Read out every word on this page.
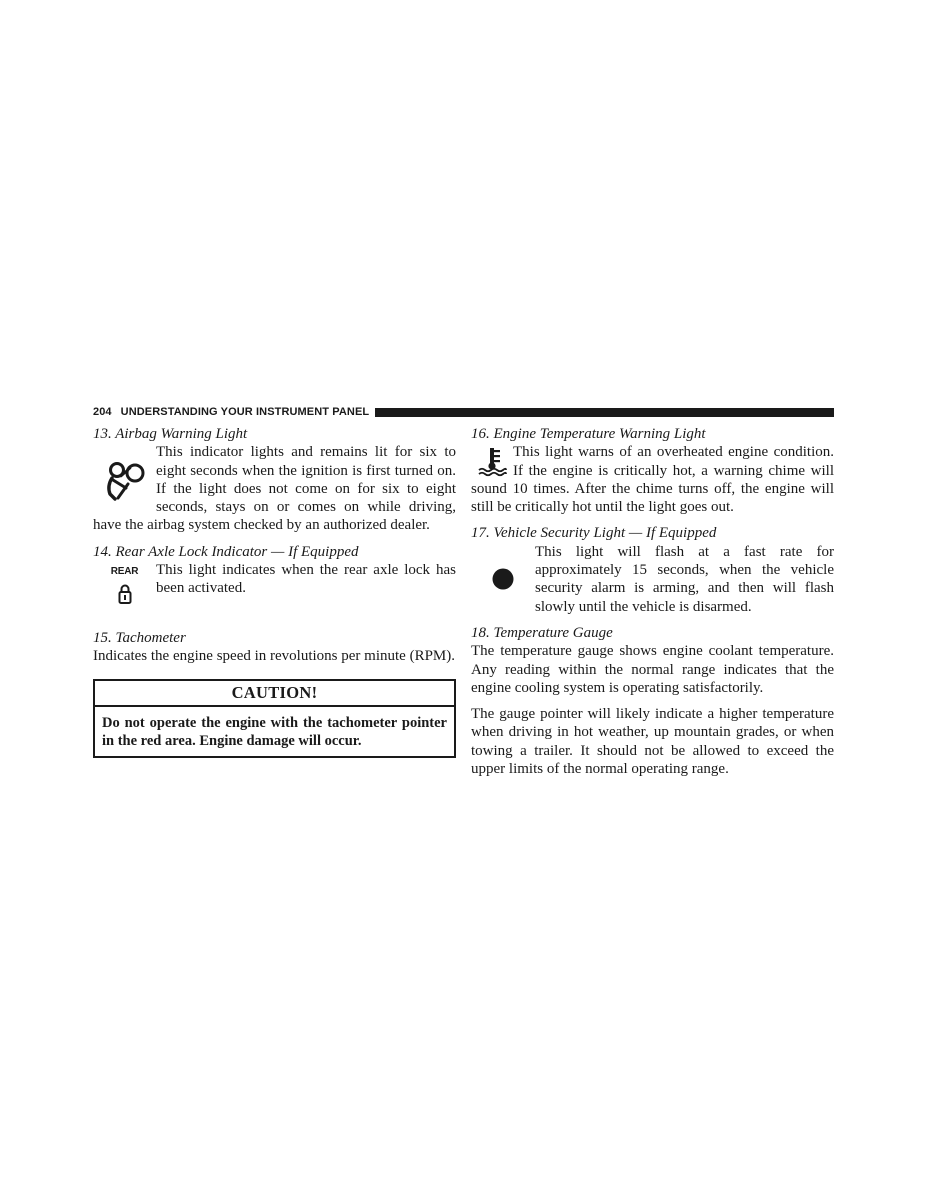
204 UNDERSTANDING YOUR INSTRUMENT PANEL

13. Airbag Warning Light

This indicator lights and remains lit for six to eight seconds when the ignition is first turned on. If the light does not come on for six to eight seconds, stays on or comes on while driving, have the airbag system checked by an authorized dealer.

14. Rear Axle Lock Indicator — If Equipped

REAR	This light indicates when the rear axle lock has been activated.

15. Tachometer

Indicates the engine speed in revolutions per minute (RPM).

CAUTION!
Do not operate the engine with the tachometer pointer in the red area. Engine damage will occur.

16. Engine Temperature Warning Light

This light warns of an overheated engine condition. If the engine is critically hot, a warning chime will sound 10 times. After the chime turns off, the engine will still be critically hot until the light goes out.

17. Vehicle Security Light — If Equipped

This light will flash at a fast rate for approximately 15 seconds, when the vehicle security alarm is arming, and then will flash slowly until the vehicle is disarmed.

18. Temperature Gauge

The temperature gauge shows engine coolant temperature. Any reading within the normal range indicates that the engine cooling system is operating satisfactorily.

The gauge pointer will likely indicate a higher temperature when driving in hot weather, up mountain grades, or when towing a trailer. It should not be allowed to exceed the upper limits of the normal operating range.
